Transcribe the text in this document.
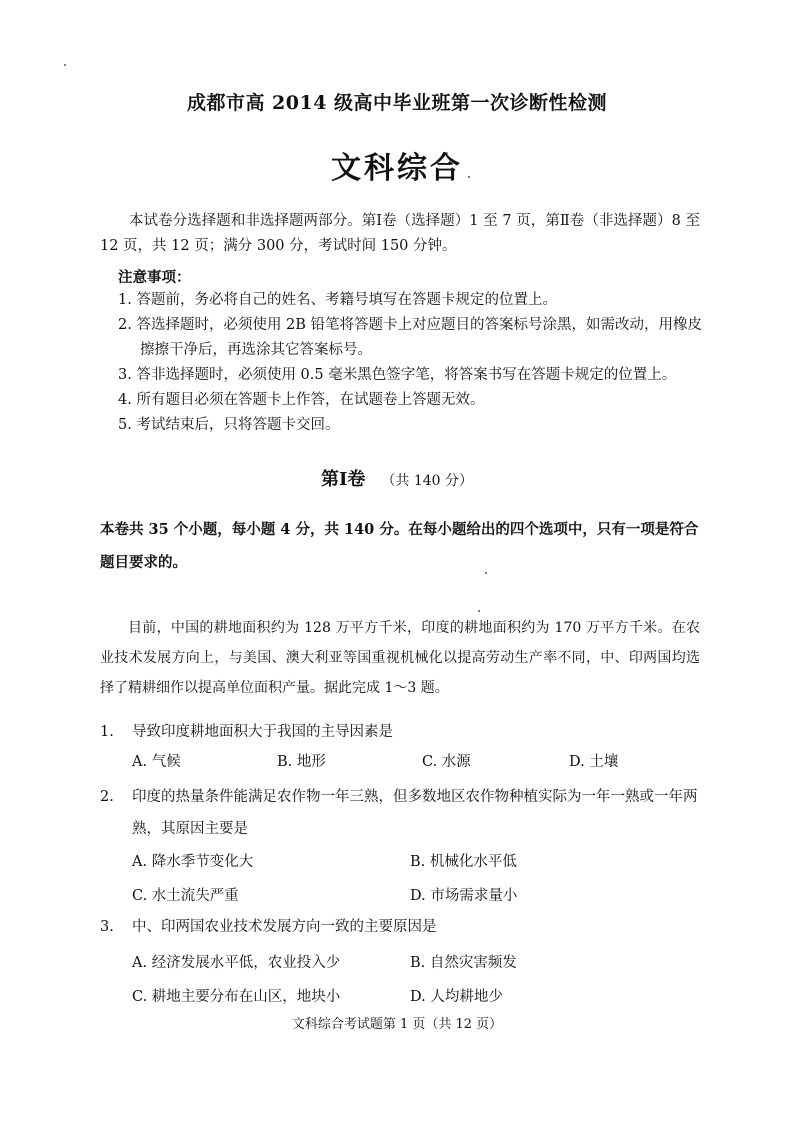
成都市高 2014 级高中毕业班第一次诊断性检测
文科综合
本试卷分选择题和非选择题两部分。第Ⅰ卷（选择题）1 至 7 页，第Ⅱ卷（非选择题）8 至 12 页，共 12 页；满分 300 分，考试时间 150 分钟。
注意事项：
1. 答题前，务必将自己的姓名、考籍号填写在答题卡规定的位置上。
2. 答选择题时，必须使用 2B 铅笔将答题卡上对应题目的答案标号涂黑，如需改动，用橡皮擦擦干净后，再选涂其它答案标号。
3. 答非选择题时，必须使用 0.5 毫米黑色签字笔，将答案书写在答题卡规定的位置上。
4. 所有题目必须在答题卡上作答，在试题卷上答题无效。
5. 考试结束后，只将答题卡交回。
第Ⅰ卷 （共 140 分）
本卷共 35 个小题，每小题 4 分，共 140 分。在每小题给出的四个选项中，只有一项是符合题目要求的。
目前，中国的耕地面积约为 128 万平方千米，印度的耕地面积约为 170 万平方千米。在农业技术发展方向上，与美国、澳大利亚等国重视机械化以提高劳动生产率不同，中、印两国均选择了精耕细作以提高单位面积产量。据此完成 1～3 题。
1. 导致印度耕地面积大于我国的主导因素是
A. 气候	B. 地形	C. 水源	D. 土壤
2. 印度的热量条件能满足农作物一年三熟，但多数地区农作物种植实际为一年一熟或一年两熟，其原因主要是
A. 降水季节变化大	B. 机械化水平低
C. 水土流失严重	D. 市场需求量小
3. 中、印两国农业技术发展方向一致的主要原因是
A. 经济发展水平低，农业投入少	B. 自然灾害频发
C. 耕地主要分布在山区，地块小	D. 人均耕地少
文科综合考试题第 1 页（共 12 页）
